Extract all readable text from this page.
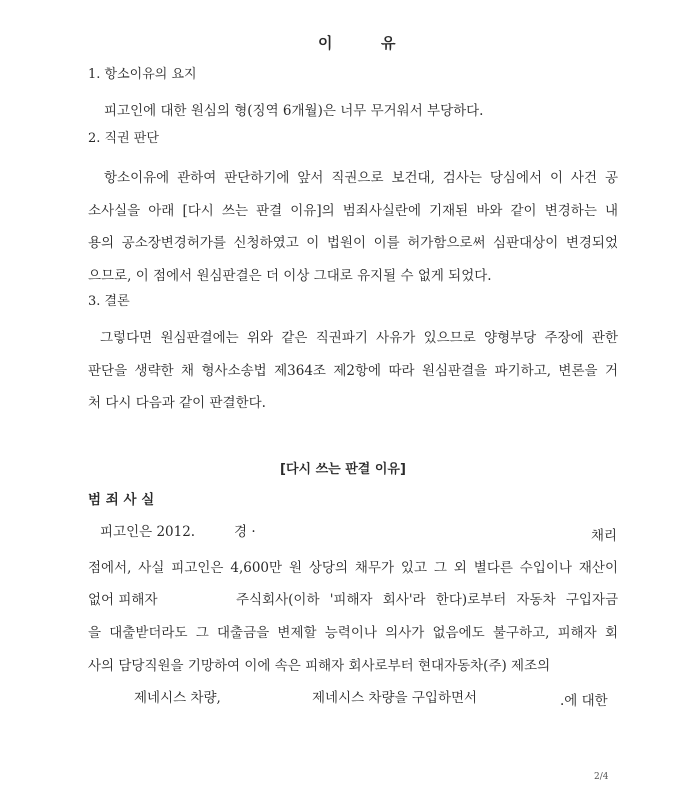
이	유
1. 항소이유의 요지
피고인에 대한 원심의 형(징역 6개월)은 너무 무거워서 부당하다.
2. 직권 판단
항소이유에 관하여 판단하기에 앞서 직권으로 보건대, 검사는 당심에서 이 사건 공
소사실을 아래 [다시 쓰는 판결 이유]의 범죄사실란에 기재된 바와 같이 변경하는 내
용의 공소장변경허가를 신청하였고 이 법원이 이를 허가함으로써 심판대상이 변경되었
으므로, 이 점에서 원심판결은 더 이상 그대로 유지될 수 없게 되었다.
3. 결론
그렇다면 원심판결에는 위와 같은 직권파기 사유가 있으므로 양형부당 주장에 관한
판단을 생략한 채 형사소송법 제364조 제2항에 따라 원심판결을 파기하고, 변론을 거
처 다시 다음과 같이 판결한다.
[다시 쓰는 판결 이유]
범 죄 사 실
피고인은 2012.	경 ·	채리
점에서, 사실 피고인은 4,600만 원 상당의 채무가 있고 그 외 별다른 수입이나 재산이
없어 피해자	주식회사(이하 '피해자 회사'라 한다)로부터 자동차 구입자금
을 대출받더라도 그 대출금을 변제할 능력이나 의사가 없음에도 불구하고, 피해자 회
사의 담당직원을 기망하여 이에 속은 피해자 회사로부터 현대자동차(주) 제조의
제네시스 차량,	제네시스 차량을 구입하면서	.에 대한
2/4
